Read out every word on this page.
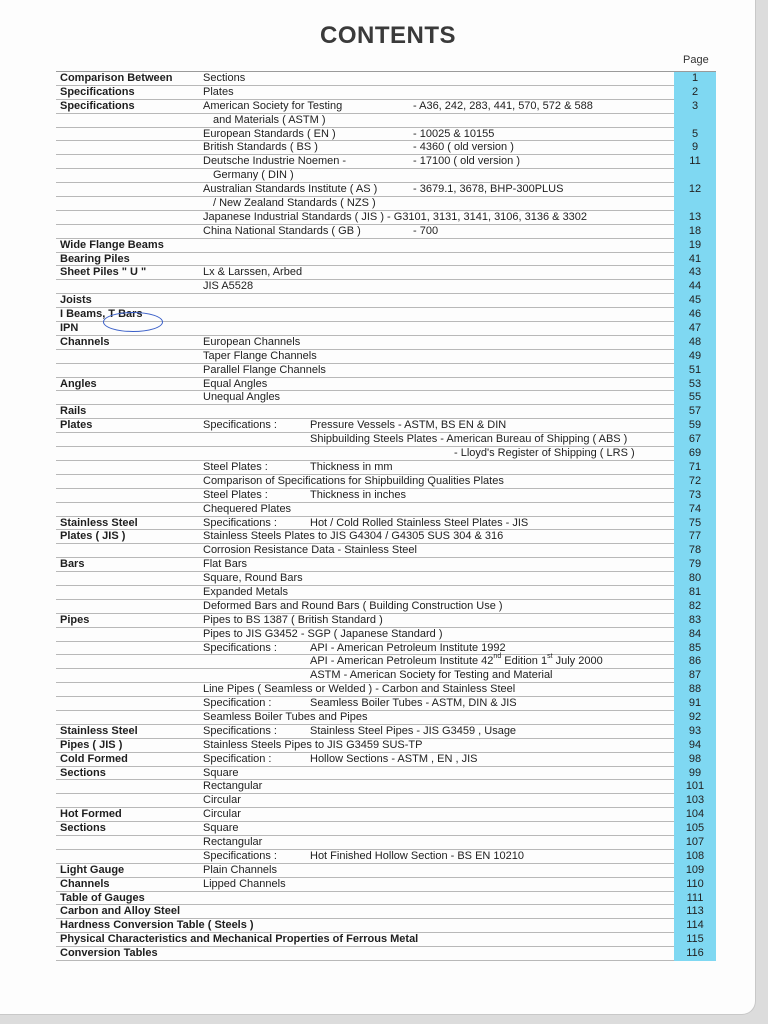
CONTENTS
Page
Comparison Between	Sections	1
Specifications	Plates	2
Specifications	American Society for Testing	- A36, 242, 283, 441, 570, 572 & 588	3
and Materials ( ASTM )
European Standards ( EN )	- 10025 & 10155	5
British Standards ( BS )	- 4360 ( old version )	9
Deutsche Industrie Noemen -	- 17100 ( old version )	11
Germany ( DIN )
Australian Standards Institute ( AS )	- 3679.1, 3678, BHP-300PLUS	12
/ New Zealand Standards ( NZS )
Japanese Industrial Standards ( JIS ) - G3101, 3131, 3141, 3106, 3136 & 3302	13
China National Standards ( GB )	- 700	18
Wide Flange Beams	19
Bearing Piles	41
Sheet Piles " U "	Lx & Larssen, Arbed	43
JIS A5528	44
Joists	45
I Beams, T Bars	46
IPN	47
Channels	European Channels	48
Taper Flange Channels	49
Parallel Flange Channels	51
Angles	Equal Angles	53
Unequal Angles	55
Rails	57
Plates	Specifications :	Pressure Vessels - ASTM, BS EN & DIN	59
Shipbuilding Steels Plates - American Bureau of Shipping ( ABS )	67
- Lloyd's Register of Shipping ( LRS )	69
Steel Plates :	Thickness in mm	71
Comparison of Specifications for Shipbuilding Qualities Plates	72
Steel Plates :	Thickness in inches	73
Chequered Plates	74
Stainless Steel	Specifications :	Hot / Cold Rolled Stainless Steel Plates - JIS	75
Plates ( JIS )	Stainless Steels Plates to JIS G4304 / G4305 SUS 304 & 316	77
Corrosion Resistance Data - Stainless Steel	78
Bars	Flat Bars	79
Square, Round Bars	80
Expanded Metals	81
Deformed Bars and Round Bars ( Building Construction Use )	82
Pipes	Pipes to BS 1387 ( British Standard )	83
Pipes to JIS G3452 - SGP ( Japanese Standard )	84
Specifications :	API - American Petroleum Institute 1992	85
API - American Petroleum Institute 42nd Edition 1st July 2000	86
ASTM - American Society for Testing and Material	87
Line Pipes ( Seamless or Welded ) - Carbon and Stainless Steel	88
Specification :	Seamless Boiler Tubes - ASTM, DIN & JIS	91
Seamless Boiler Tubes and Pipes	92
Stainless Steel	Specifications :	Stainless Steel Pipes - JIS G3459 , Usage	93
Pipes ( JIS )	Stainless Steels Pipes to JIS G3459 SUS-TP	94
Cold Formed	Specification :	Hollow Sections - ASTM , EN , JIS	98
Sections	Square	99
Rectangular	101
Circular	103
Hot Formed	Circular	104
Sections	Square	105
Rectangular	107
Specifications :	Hot Finished Hollow Section - BS EN 10210	108
Light Gauge	Plain Channels	109
Channels	Lipped Channels	110
Table of Gauges	111
Carbon and Alloy Steel	113
Hardness Conversion Table ( Steels )	114
Physical Characteristics and Mechanical Properties of Ferrous Metal	115
Conversion Tables	116
